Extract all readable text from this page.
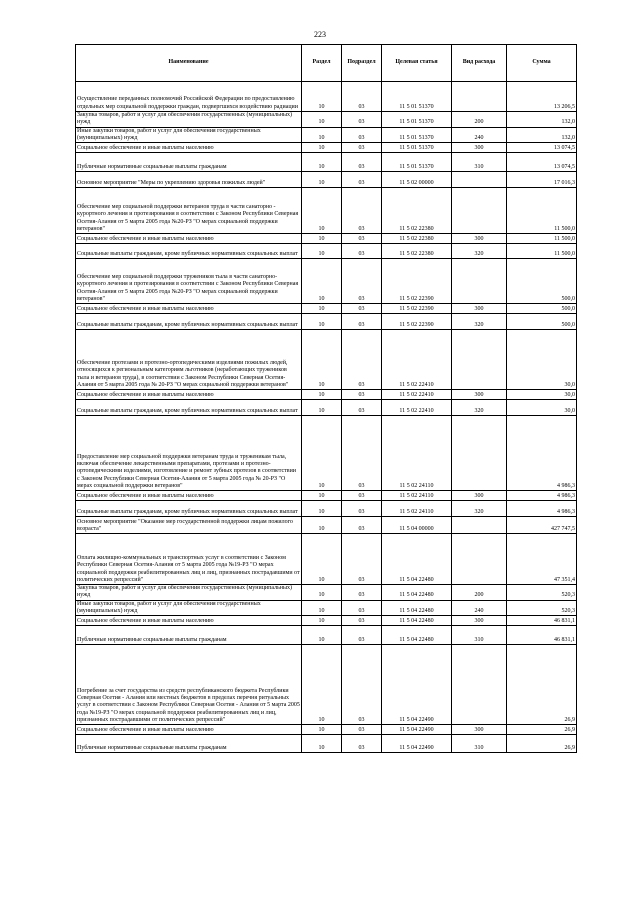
223
Наименование	Раздел	Подраздел	Целевая статья	Вид расхода	Сумма
Осуществление переданных полномочий Российской Федерации по предоставлению отдельных мер социальной поддержки граждан, подвергшихся воздействию радиации	10	03	11 5 01 51370		13 206,5
Закупка товаров, работ и услуг для обеспечения государственных (муниципальных) нужд	10	03	11 5 01 51370	200	132,0
Иные закупки товаров, работ и услуг для обеспечения государственных (муниципальных) нужд	10	03	11 5 01 51370	240	132,0
Социальное обеспечение и иные выплаты населению	10	03	11 5 01 51370	300	13 074,5
Публичные нормативные социальные выплаты гражданам	10	03	11 5 01 51370	310	13 074,5
Основное мероприятие "Меры по укреплению здоровья пожилых людей"	10	03	11 5 02 00000		17 016,3
Обеспечение мер социальной поддержки ветеранов труда в части санаторно - курортного лечения и протезирования в соответствии с Законом Республики Северная Осетия-Алания от 5 марта 2005 года №20-РЗ "О мерах социальной поддержки ветеранов"	10	03	11 5 02 22380		11 500,0
Социальное обеспечение и иные выплаты населению	10	03	11 5 02 22380	300	11 500,0
Социальные выплаты гражданам, кроме публичных нормативных социальных выплат	10	03	11 5 02 22380	320	11 500,0
Обеспечение мер социальной поддержки тружеников тыла в части санаторно-курортного лечения и протезирования в соответствии с Законом Республики Северная Осетия-Алания от 5 марта 2005 года №20-РЗ "О мерах социальной поддержки ветеранов"	10	03	11 5 02 22390		500,0
Социальное обеспечение и иные выплаты населению	10	03	11 5 02 22390	300	500,0
Социальные выплаты гражданам, кроме публичных нормативных социальных выплат	10	03	11 5 02 22390	320	500,0
Обеспечение протезами и протезно-ортопедическими изделиями пожилых людей, относящихся к региональным категориям льготников (неработающих тружеников тыла и ветеранов труда), в соответствии с Законом Республики Северная Осетия-Алания от 5 марта 2005 года № 20-РЗ "О мерах социальной поддержки ветеранов"	10	03	11 5 02 22410		30,0
Социальное обеспечение и иные выплаты населению	10	03	11 5 02 22410	300	30,0
Социальные выплаты гражданам, кроме публичных нормативных социальных выплат	10	03	11 5 02 22410	320	30,0
Предоставление мер социальной поддержки ветеранам труда и труженикам тыла, включая обеспечение лекарственными препаратами, протезами и протезно-ортопедическими изделиями, изготовление и ремонт зубных протезов в соответствии с Законом Республики Северная Осетия-Алания от 5 марта 2005 года № 20-РЗ "О мерах социальной поддержки ветеранов"	10	03	11 5 02 24110		4 986,3
Социальное обеспечение и иные выплаты населению	10	03	11 5 02 24110	300	4 986,3
Социальные выплаты гражданам, кроме публичных нормативных социальных выплат	10	03	11 5 02 24110	320	4 986,3
Основное мероприятие "Оказание мер государственной поддержки лицам пожилого возраста"	10	03	11 5 04 00000		427 747,5
Оплата жилищно-коммунальных и транспортных услуг в соответствии с Законом Республики Северная Осетия-Алания от 5 марта 2005 года №19-РЗ "О мерах социальной поддержки реабилитированных лиц и лиц, признанных пострадавшими от политических репрессий"	10	03	11 5 04 22480		47 351,4
Закупка товаров, работ и услуг для обеспечения государственных (муниципальных) нужд	10	03	11 5 04 22480	200	520,3
Иные закупки товаров, работ и услуг для обеспечения государственных (муниципальных) нужд	10	03	11 5 04 22480	240	520,3
Социальное обеспечение и иные выплаты населению	10	03	11 5 04 22480	300	46 831,1
Публичные нормативные социальные выплаты гражданам	10	03	11 5 04 22480	310	46 831,1
Погребение за счет государства из средств республиканского бюджета Республики Северная Осетия - Алания или местных бюджетов в пределах перечня ритуальных услуг в соответствии с Законом Республики Северная Осетия - Алания от 5 марта 2005 года №19-РЗ "О мерах социальной поддержки реабилитированных лиц и лиц, признанных пострадавшими от политических репрессий"	10	03	11 5 04 22490		26,9
Социальное обеспечение и иные выплаты населению	10	03	11 5 04 22490	300	26,9
Публичные нормативные социальные выплаты гражданам	10	03	11 5 04 22490	310	26,9
